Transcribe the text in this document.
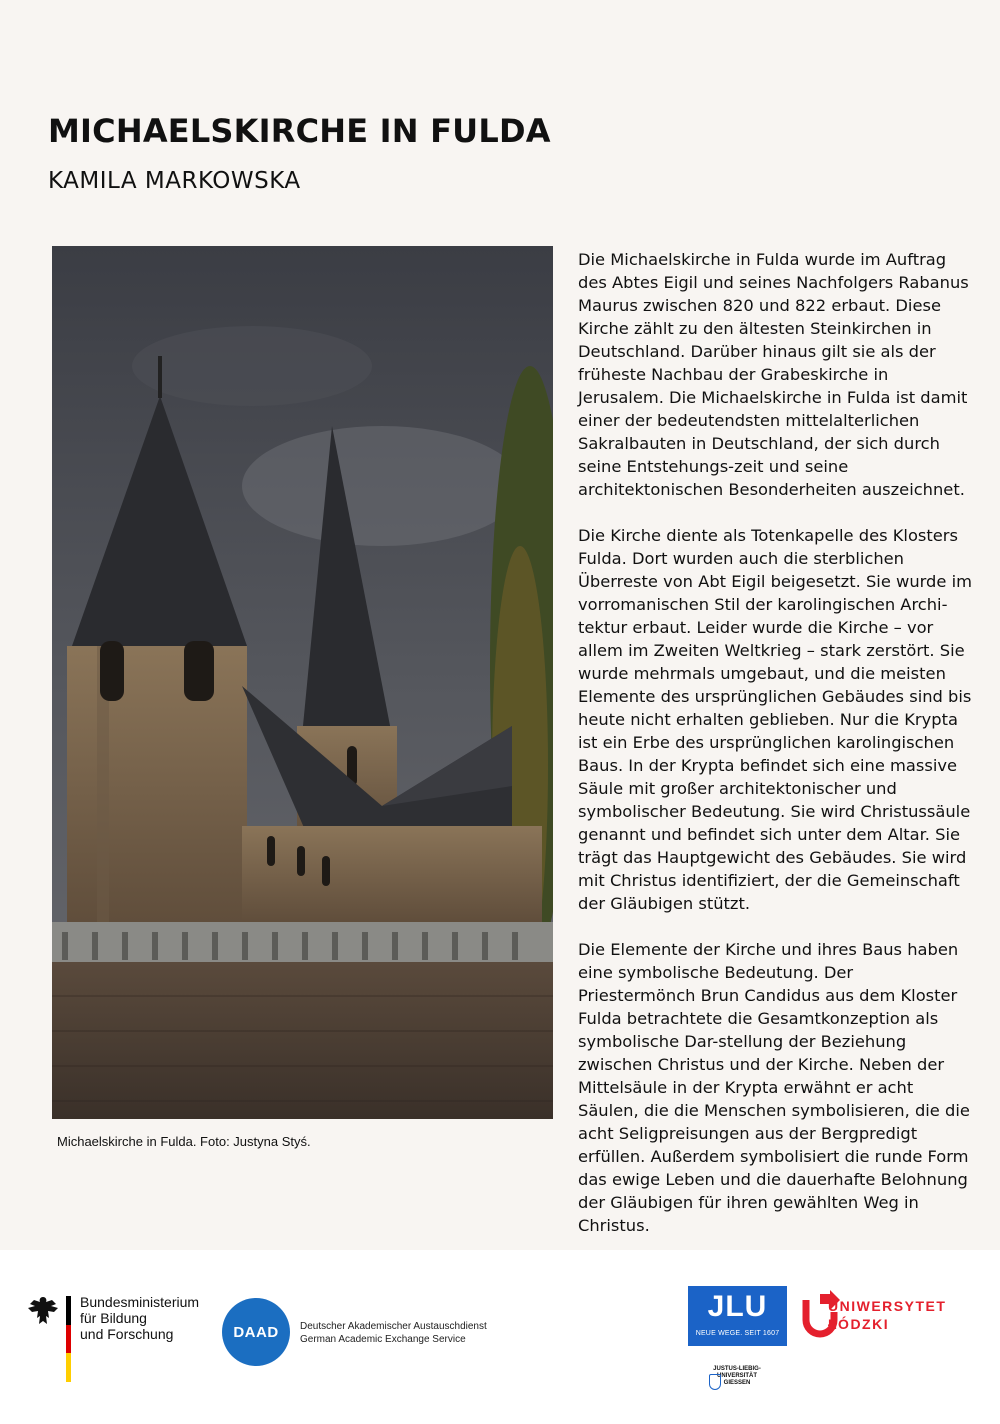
MICHAELSKIRCHE IN FULDA
KAMILA MARKOWSKA
Michaelskirche in Fulda. Foto: Justyna Styś.

Die Michaelskirche in Fulda wurde im Auftrag des Abtes Eigil und seines Nachfolgers Rabanus Maurus zwischen 820 und 822 erbaut. Diese Kirche zählt zu den ältesten Steinkirchen in Deutschland. Darüber hinaus gilt sie als der früheste Nachbau der Grabeskirche in Jerusalem. Die Michaelskirche in Fulda ist damit einer der bedeutendsten mittelalterlichen Sakralbauten in Deutschland, der sich durch seine Entstehungs-zeit und seine architektonischen Besonderheiten auszeichnet.

Die Kirche diente als Totenkapelle des Klosters Fulda. Dort wurden auch die sterblichen Überreste von Abt Eigil beigesetzt. Sie wurde im vorromanischen Stil der karolingischen Archi-tektur erbaut. Leider wurde die Kirche – vor allem im Zweiten Weltkrieg – stark zerstört. Sie wurde mehrmals umgebaut, und die meisten Elemente des ursprünglichen Gebäudes sind bis heute nicht erhalten geblieben. Nur die Krypta ist ein Erbe des ursprünglichen karolingischen Baus. In der Krypta befindet sich eine massive Säule mit großer architektonischer und symbolischer Bedeutung. Sie wird Christussäule genannt und befindet sich unter dem Altar. Sie trägt das Hauptgewicht des Gebäudes. Sie wird mit Christus identifiziert, der die Gemeinschaft der Gläubigen stützt.

Die Elemente der Kirche und ihres Baus haben eine symbolische Bedeutung. Der Priestermönch Brun Candidus aus dem Kloster Fulda betrachtete die Gesamtkonzeption als symbolische Dar-stellung der Beziehung zwischen Christus und der Kirche. Neben der Mittelsäule in der Krypta erwähnt er acht Säulen, die die Menschen symbolisieren, die die acht Seligpreisungen aus der Bergpredigt erfüllen. Außerdem symbolisiert die runde Form das ewige Leben und die dauerhafte Belohnung der Gläubigen für ihren gewählten Weg in Christus.

Bundesministerium
für Bildung
und Forschung	DAAD	Deutscher Akademischer Austauschdienst
German Academic Exchange Service
JLU
NEUE WEGE. SEIT 1607
JUSTUS-LIEBIG-
UNIVERSITÄT
GIESSEN
UNIWERSYTET
ŁÓDZKI
